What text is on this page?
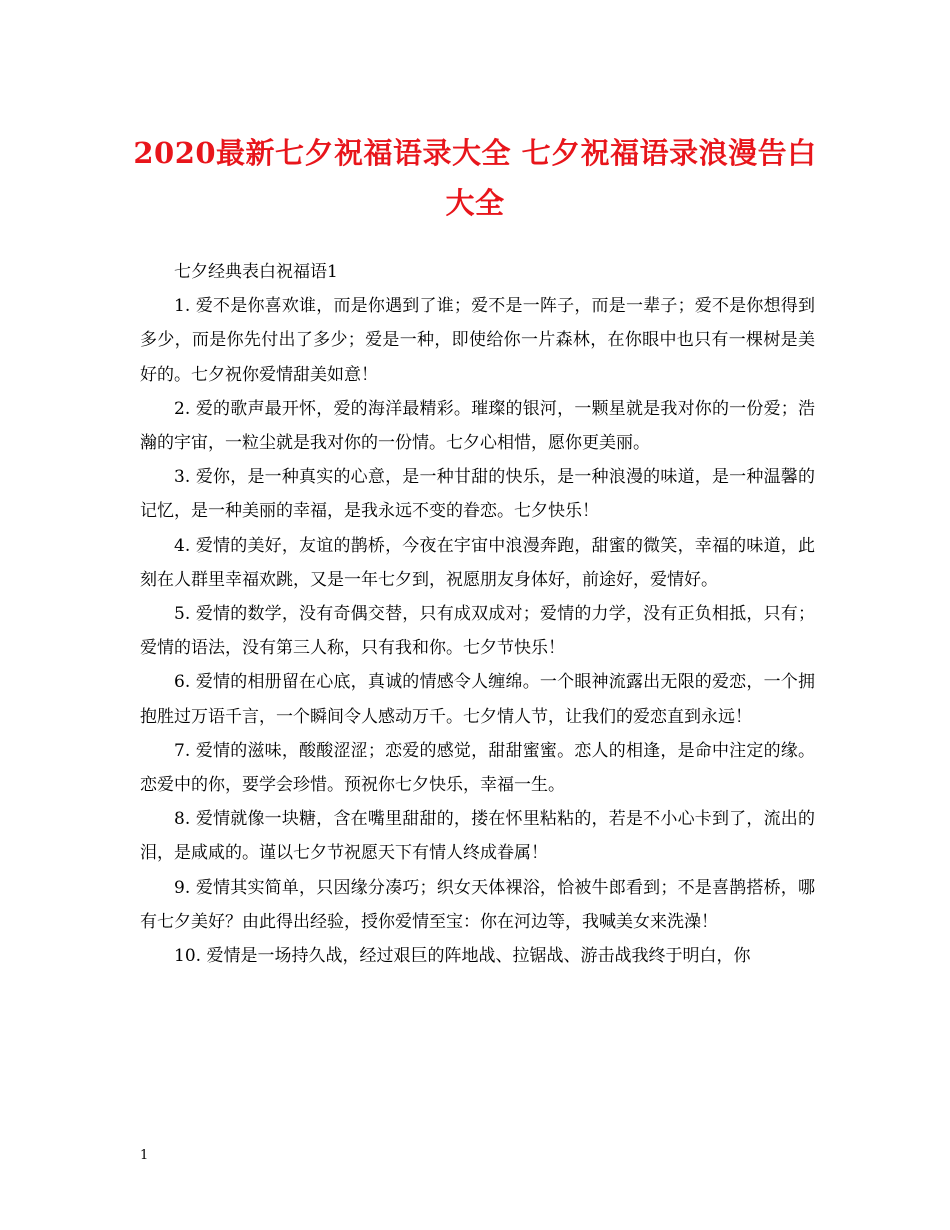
2020最新七夕祝福语录大全 七夕祝福语录浪漫告白大全

七夕经典表白祝福语1

1. 爱不是你喜欢谁，而是你遇到了谁；爱不是一阵子，而是一辈子；爱不是你想得到多少，而是你先付出了多少；爱是一种，即使给你一片森林，在你眼中也只有一棵树是美好的。七夕祝你爱情甜美如意！

2. 爱的歌声最开怀，爱的海洋最精彩。璀璨的银河，一颗星就是我对你的一份爱；浩瀚的宇宙，一粒尘就是我对你的一份情。七夕心相惜，愿你更美丽。

3. 爱你，是一种真实的心意，是一种甘甜的快乐，是一种浪漫的味道，是一种温馨的记忆，是一种美丽的幸福，是我永远不变的眷恋。七夕快乐！

4. 爱情的美好，友谊的鹊桥，今夜在宇宙中浪漫奔跑，甜蜜的微笑，幸福的味道，此刻在人群里幸福欢跳，又是一年七夕到，祝愿朋友身体好，前途好，爱情好。

5. 爱情的数学，没有奇偶交替，只有成双成对；爱情的力学，没有正负相抵，只有；爱情的语法，没有第三人称，只有我和你。七夕节快乐！

6. 爱情的相册留在心底，真诚的情感令人缠绵。一个眼神流露出无限的爱恋，一个拥抱胜过万语千言，一个瞬间令人感动万千。七夕情人节，让我们的爱恋直到永远！

7. 爱情的滋味，酸酸涩涩；恋爱的感觉，甜甜蜜蜜。恋人的相逢，是命中注定的缘。恋爱中的你，要学会珍惜。预祝你七夕快乐，幸福一生。

8. 爱情就像一块糖，含在嘴里甜甜的，搂在怀里粘粘的，若是不小心卡到了，流出的泪，是咸咸的。谨以七夕节祝愿天下有情人终成眷属！

9. 爱情其实简单，只因缘分凑巧；织女天体裸浴，恰被牛郎看到；不是喜鹊搭桥，哪有七夕美好？由此得出经验，授你爱情至宝：你在河边等，我喊美女来洗澡！

10. 爱情是一场持久战，经过艰巨的阵地战、拉锯战、游击战我终于明白，你

1
